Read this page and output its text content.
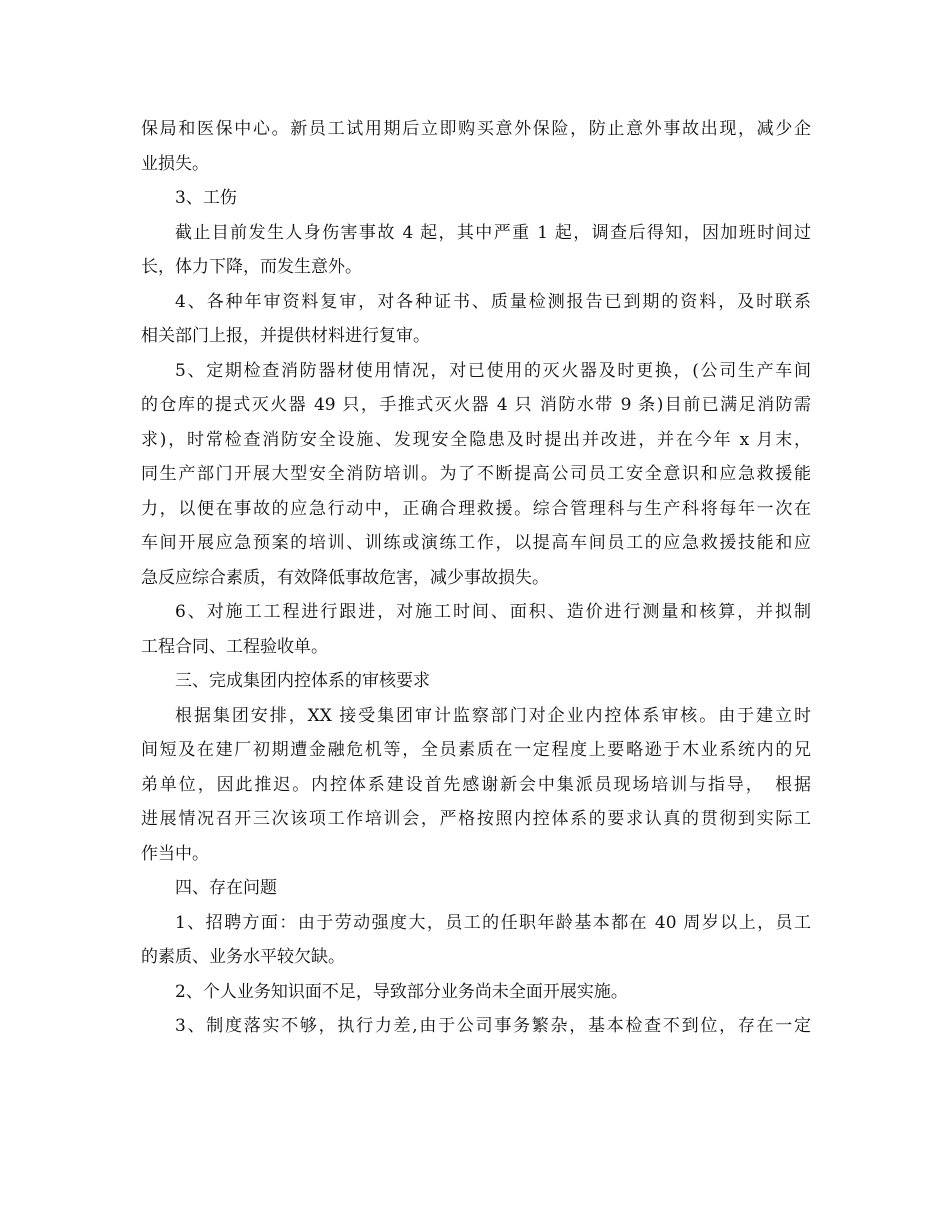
保局和医保中心。新员工试用期后立即购买意外保险，防止意外事故出现，减少企
业损失。
3、工伤
截止目前发生人身伤害事故 4 起，其中严重 1 起，调查后得知，因加班时间过
长，体力下降，而发生意外。
4、各种年审资料复审，对各种证书、质量检测报告已到期的资料，及时联系
相关部门上报，并提供材料进行复审。
5、定期检查消防器材使用情况，对已使用的灭火器及时更换，(公司生产车间
的仓库的提式灭火器 49 只，手推式灭火器 4 只 消防水带 9 条)目前已满足消防需
求)，时常检查消防安全设施、发现安全隐患及时提出并改进，并在今年 x 月末，
同生产部门开展大型安全消防培训。为了不断提高公司员工安全意识和应急救援能
力，以便在事故的应急行动中，正确合理救援。综合管理科与生产科将每年一次在
车间开展应急预案的培训、训练或演练工作，以提高车间员工的应急救援技能和应
急反应综合素质，有效降低事故危害，减少事故损失。
6、对施工工程进行跟进，对施工时间、面积、造价进行测量和核算，并拟制
工程合同、工程验收单。
三、完成集团内控体系的审核要求
根据集团安排，XX 接受集团审计监察部门对企业内控体系审核。由于建立时
间短及在建厂初期遭金融危机等，全员素质在一定程度上要略逊于木业系统内的兄
弟单位，因此推迟。内控体系建设首先感谢新会中集派员现场培训与指导，　根据
进展情况召开三次该项工作培训会，严格按照内控体系的要求认真的贯彻到实际工
作当中。
四、存在问题
1、招聘方面：由于劳动强度大，员工的任职年龄基本都在 40 周岁以上，员工
的素质、业务水平较欠缺。
2、个人业务知识面不足，导致部分业务尚未全面开展实施。
3、制度落实不够，执行力差,由于公司事务繁杂，基本检查不到位，存在一定
